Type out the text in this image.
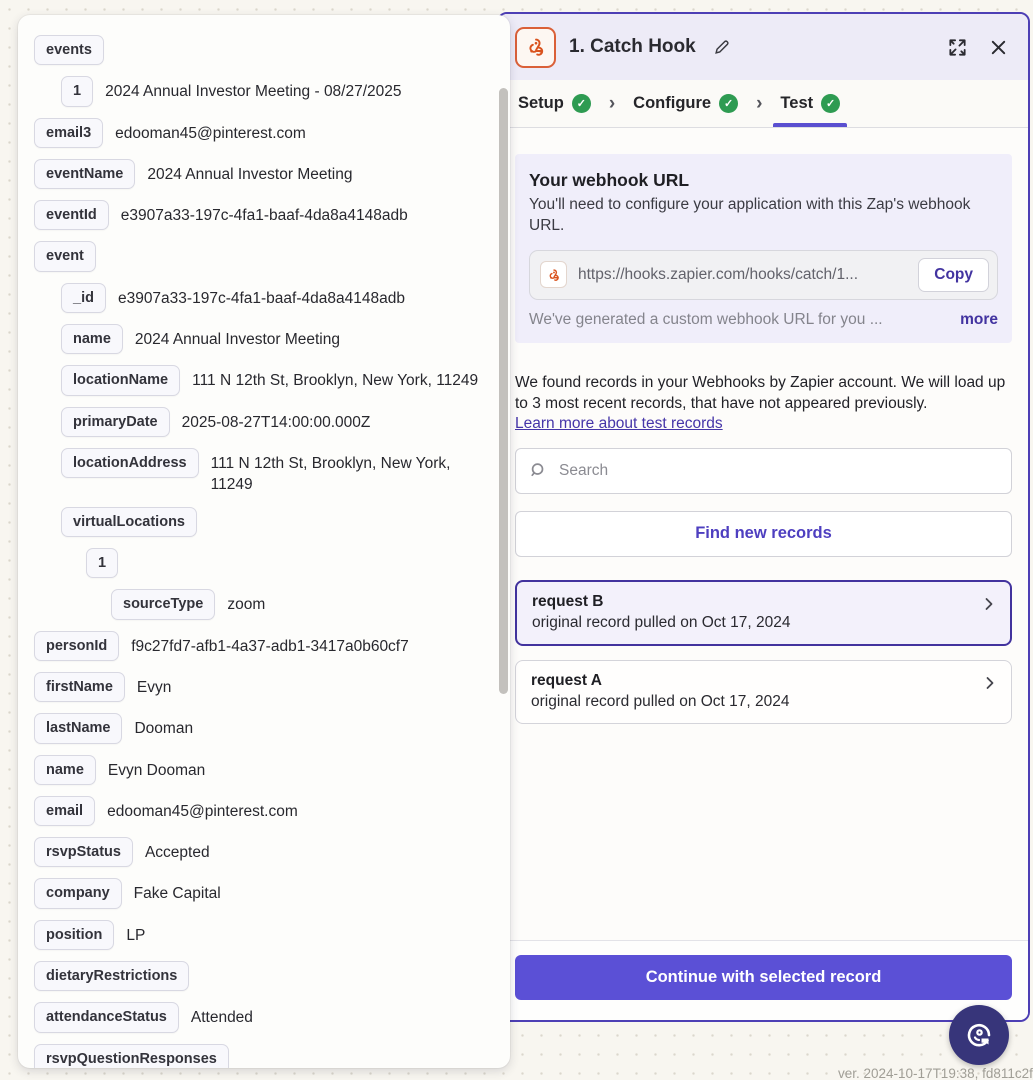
events
1	2024 Annual Investor Meeting - 08/27/2025
email3	edooman45@pinterest.com
eventName	2024 Annual Investor Meeting
eventId	e3907a33-197c-4fa1-baaf-4da8a4148adb
event
_id	e3907a33-197c-4fa1-baaf-4da8a4148adb
name	2024 Annual Investor Meeting
locationName	111 N 12th St, Brooklyn, New York, 11249
primaryDate	2025-08-27T14:00:00.000Z
locationAddress	111 N 12th St, Brooklyn, New York, 11249
virtualLocations
1
sourceType	zoom
personId	f9c27fd7-afb1-4a37-adb1-3417a0b60cf7
firstName	Evyn
lastName	Dooman
name	Evyn Dooman
email	edooman45@pinterest.com
rsvpStatus	Accepted
company	Fake Capital
position	LP
dietaryRestrictions
attendanceStatus	Attended
rsvpQuestionResponses
1. Catch Hook
Setup	✓ › Configure	✓ › Test	✓
Your webhook URL
You'll need to configure your application with this Zap's webhook URL.
https://hooks.zapier.com/hooks/catch/1...	Copy
We've generated a custom webhook URL for you ...	more
We found records in your Webhooks by Zapier account. We will load up to 3 most recent records, that have not appeared previously.
Learn more about test records
Search
Find new records
request B
original record pulled on Oct 17, 2024
request A
original record pulled on Oct 17, 2024
Continue with selected record
ver. 2024-10-17T19:38, fd811c2f
